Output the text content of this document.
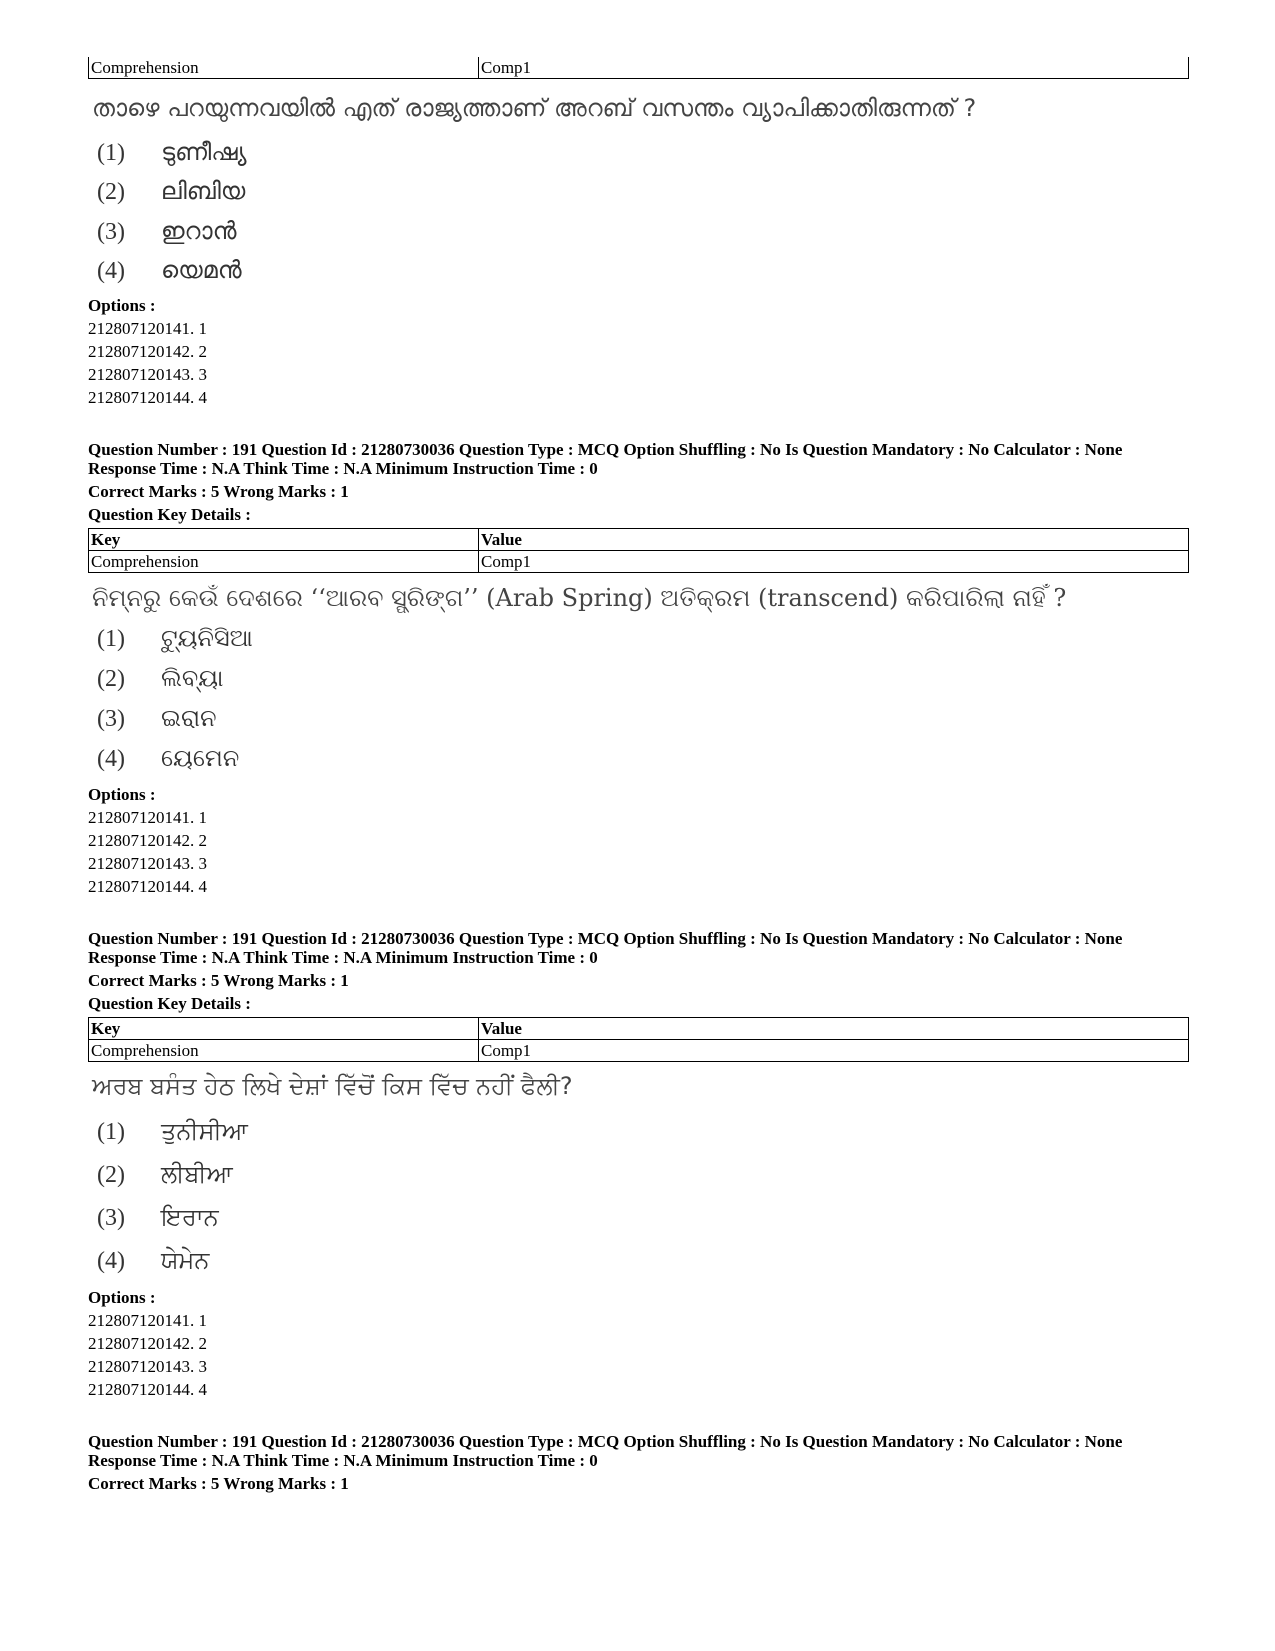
Comprehension	Comp1
താഴെ പറയുന്നവയിൽ എത് രാജ്യത്താണ് അറബ് വസന്തം വ്യാപിക്കാതിരുന്നത് ?
(1) ടുണീഷ്യ
(2) ലിബിയ
(3) ഇറാൻ
(4) യെമൻ
Options :
212807120141. 1
212807120142. 2
212807120143. 3
212807120144. 4
Question Number : 191 Question Id : 21280730036 Question Type : MCQ Option Shuffling : No Is Question Mandatory : No Calculator : None
Response Time : N.A Think Time : N.A Minimum Instruction Time : 0
Correct Marks : 5 Wrong Marks : 1
Question Key Details :
Key	Value
Comprehension	Comp1
ନିମ୍ନରୁ କେଉଁ ଦେଶରେ ‘‘ଆରବ ସ୍ପ୍ରିଙ୍ଗ’’ (Arab Spring) ଅତିକ୍ରମ (transcend) କରିପାରିଲା ନାହିଁ ?
(1) ଟ୍ୟୁନିସିଆ
(2) ଲିବ୍ୟା
(3) ଇରାନ
(4) ୟେମେନ
Options :
212807120141. 1
212807120142. 2
212807120143. 3
212807120144. 4
Question Number : 191 Question Id : 21280730036 Question Type : MCQ Option Shuffling : No Is Question Mandatory : No Calculator : None
Response Time : N.A Think Time : N.A Minimum Instruction Time : 0
Correct Marks : 5 Wrong Marks : 1
Question Key Details :
Key	Value
Comprehension	Comp1
ਅਰਬ ਬਸੰਤ ਹੇਠ ਲਿਖੇ ਦੇਸ਼ਾਂ ਵਿੱਚੋਂ ਕਿਸ ਵਿੱਚ ਨਹੀਂ ਫੈਲੀ?
(1) ਤੁਨੀਸੀਆ
(2) ਲੀਬੀਆ
(3) ਇਰਾਨ
(4) ਯੇਮੇਨ
Options :
212807120141. 1
212807120142. 2
212807120143. 3
212807120144. 4
Question Number : 191 Question Id : 21280730036 Question Type : MCQ Option Shuffling : No Is Question Mandatory : No Calculator : None
Response Time : N.A Think Time : N.A Minimum Instruction Time : 0
Correct Marks : 5 Wrong Marks : 1
